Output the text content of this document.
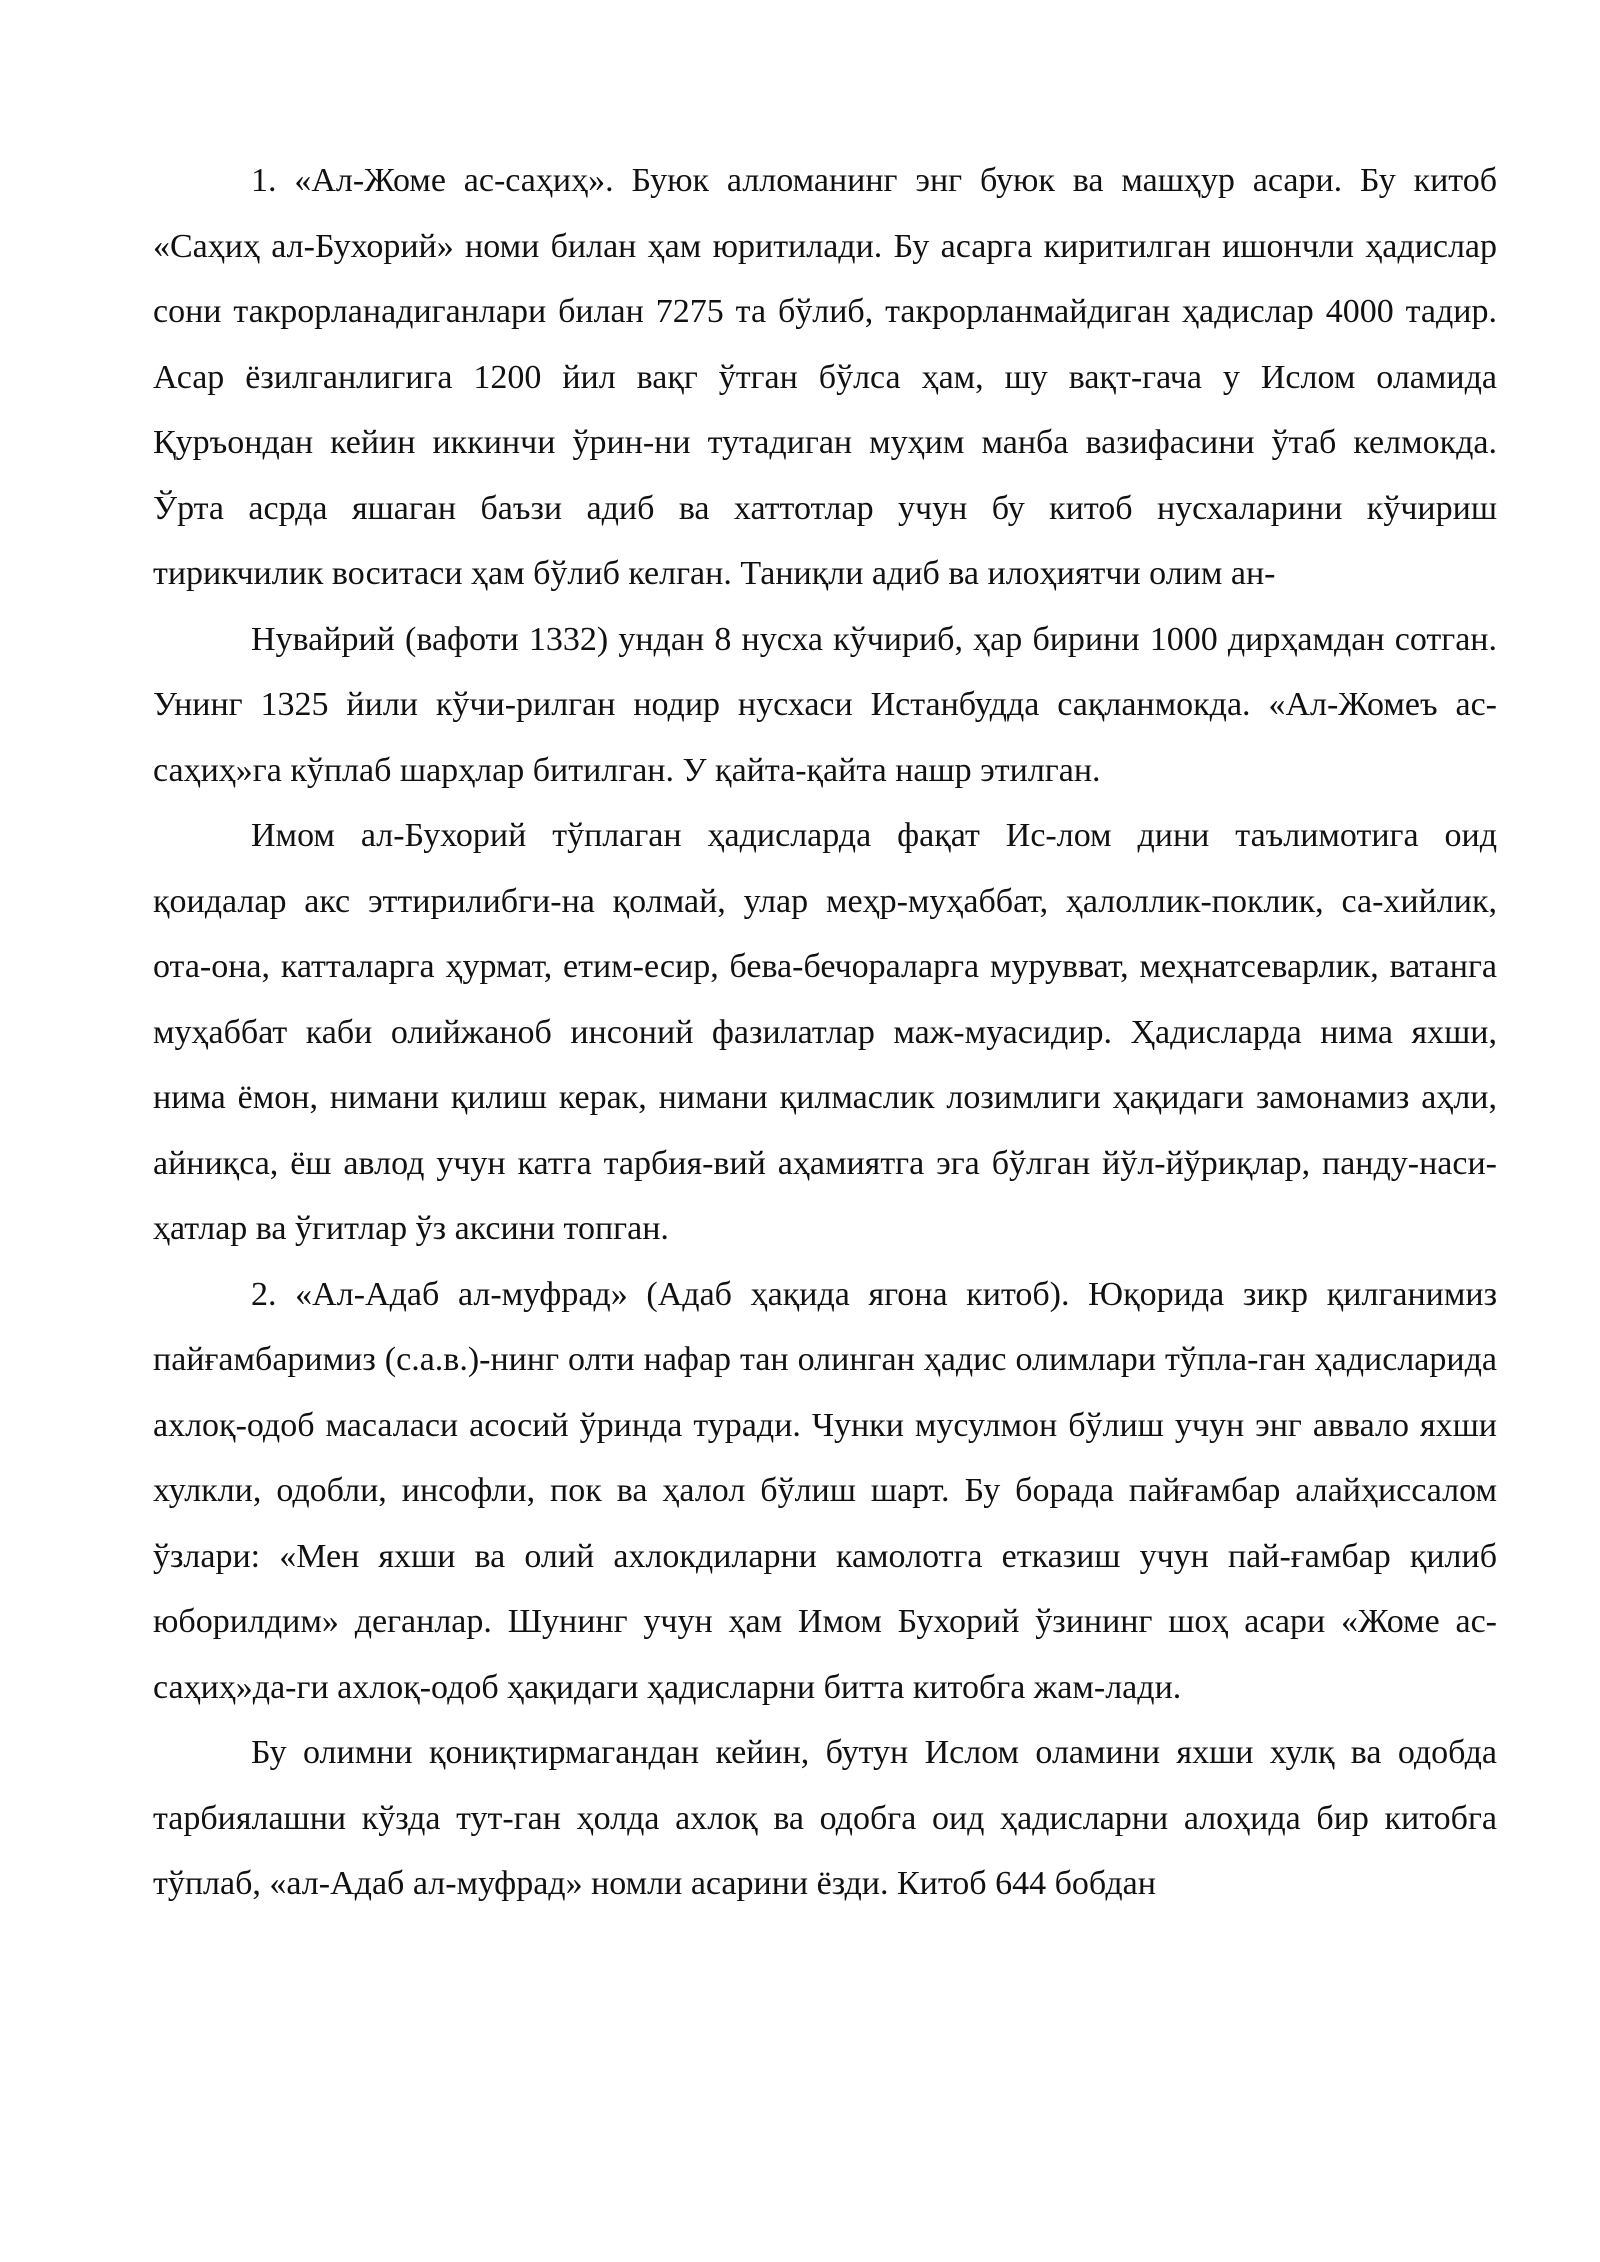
1. «Ал-Жоме ас-саҳиҳ». Буюк алломанинг энг буюк ва машҳур асари. Бу китоб «Саҳиҳ ал-Бухорий» номи билан ҳам юритилади. Бу асарга киритилган ишончли ҳадислар сони такрорланадиганлари билан 7275 та бўлиб, такрорланмайдиган ҳадислар 4000 тадир. Асар ёзилганлигига 1200 йил вақг ўтган бўлса ҳам, шу вақт-гача у Ислом оламида Қуръондан кейин иккинчи ўрин-ни тутадиган муҳим манба вазифасини ўтаб келмокда. Ўрта асрда яшаган баъзи адиб ва хаттотлар учун бу китоб нусхаларини кўчириш тирикчилик воситаси ҳам бўлиб келган. Таниқли адиб ва илоҳиятчи олим ан-

Нувайрий (вафоти 1332) ундан 8 нусха кўчириб, ҳар бирини 1000 дирҳамдан сотган. Унинг 1325 йили кўчи-рилган нодир нусхаси Истанбудда сақланмокда. «Ал-Жомеъ ас-саҳиҳ»га кўплаб шарҳлар битилган. У қайта-қайта нашр этилган.

Имом ал-Бухорий тўплаган ҳадисларда фақат Ис-лом дини таълимотига оид қоидалар акс эттирилибги-на қолмай, улар меҳр-муҳаббат, ҳалоллик-поклик, са-хийлик, ота-она, катталарга ҳурмат, етим-есир, бева-бечораларга мурувват, меҳнатсеварлик, ватанга муҳаббат каби олийжаноб инсоний фазилатлар маж-муасидир. Ҳадисларда нима яхши, нима ёмон, нимани қилиш керак, нимани қилмаслик лозимлиги ҳақидаги замонамиз аҳли, айниқса, ёш авлод учун катга тарбия-вий аҳамиятга эга бўлган йўл-йўриқлар, панду-наси-ҳатлар ва ўгитлар ўз аксини топган.

2. «Ал-Адаб ал-муфрад» (Адаб ҳақида ягона китоб). Юқорида зикр қилганимиз пайғамбаримиз (с.а.в.)-нинг олти нафар тан олинган ҳадис олимлари тўпла-ган ҳадисларида ахлоқ-одоб масаласи асосий ўринда туради. Чунки мусулмон бўлиш учун энг аввало яхши хулкли, одобли, инсофли, пок ва ҳалол бўлиш шарт. Бу борада пайғамбар алайҳиссалом ўзлари: «Мен яхши ва олий ахлокдиларни камолотга етказиш учун пай-ғамбар қилиб юборилдим» деганлар. Шунинг учун ҳам Имом Бухорий ўзининг шоҳ асари «Жоме ас-саҳиҳ»да-ги ахлоқ-одоб ҳақидаги ҳадисларни битта китобга жам-лади.

Бу олимни қониқтирмагандан кейин, бутун Ислом оламини яхши хулқ ва одобда тарбиялашни кўзда тут-ган ҳолда ахлоқ ва одобга оид ҳадисларни алоҳида бир китобга тўплаб, «ал-Адаб ал-муфрад» номли асарини ёзди. Китоб 644 бобдан
